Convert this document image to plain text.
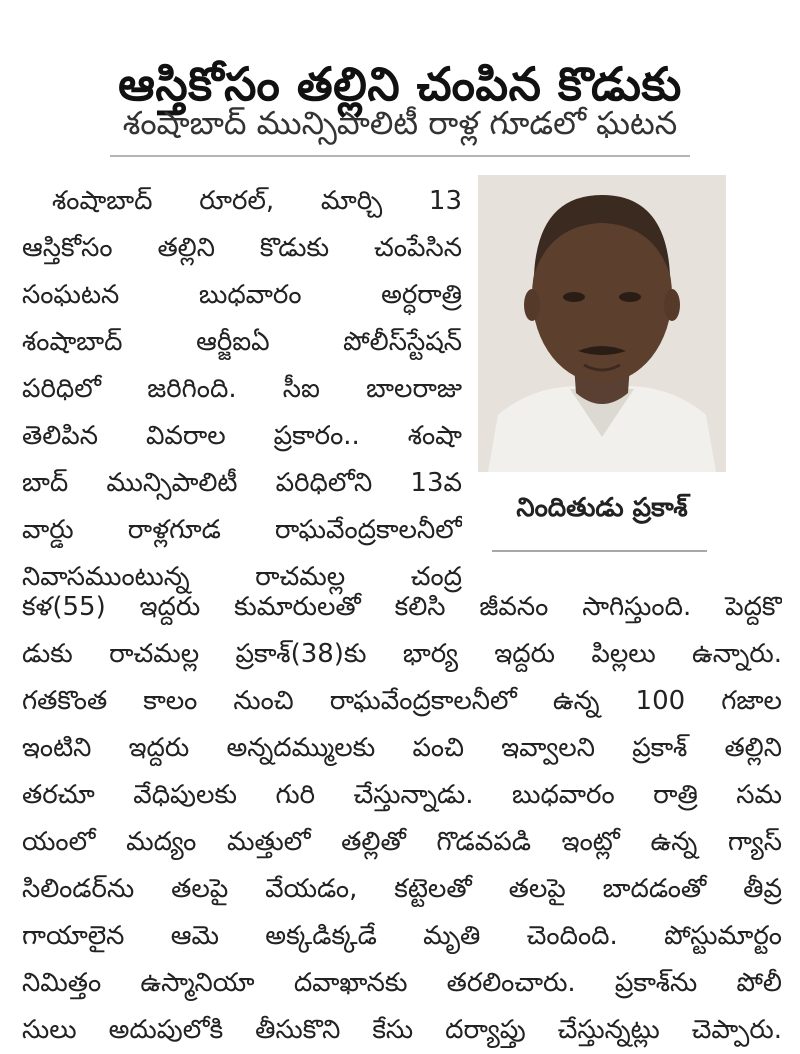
ఆస్తికోసం తల్లిని చంపిన కొడుకు
శంషాబాద్ మున్సిపాలిటీ రాళ్ల గూడలో ఘటన
నిందితుడు ప్రకాశ్
శంషాబాద్ రూరల్, మార్చి 13
ఆస్తికోసం తల్లిని కొడుకు చంపేసిన
సంఘటన బుధవారం అర్ధరాత్రి
శంషాబాద్ ఆర్జీఐఏ పోలీస్‌స్టేషన్
పరిధిలో జరిగింది. సీఐ బాలరాజు
తెలిపిన వివరాల ప్రకారం.. శంషా
బాద్ మున్సిపాలిటీ పరిధిలోని 13వ
వార్డు రాళ్లగూడ రాఘవేంద్రకాలనీలో
నివాసముంటున్న రాచమల్ల చంద్ర
కళ(55) ఇద్దరు కుమారులతో కలిసి జీవనం సాగిస్తుంది. పెద్దకొ
డుకు రాచమల్ల ప్రకాశ్(38)కు భార్య ఇద్దరు పిల్లలు ఉన్నారు.
గతకొంత కాలం నుంచి రాఘవేంద్రకాలనీలో ఉన్న 100 గజాల
ఇంటిని ఇద్దరు అన్నదమ్ములకు పంచి ఇవ్వాలని ప్రకాశ్ తల్లిని
తరచూ వేధిపులకు గురి చేస్తున్నాడు. బుధవారం రాత్రి సమ
యంలో మద్యం మత్తులో తల్లితో గొడవపడి ఇంట్లో ఉన్న గ్యాస్
సిలిండర్‌ను తలపై వేయడం, కట్టెలతో తలపై బాదడంతో తీవ్ర
గాయాలైన ఆమె అక్కడిక్కడే మృతి చెందింది. పోస్టుమార్టం
నిమిత్తం ఉస్మానియా దవాఖానకు తరలించారు. ప్రకాశ్‌ను పోలీ
సులు అదుపులోకి తీసుకొని కేసు దర్యాప్తు చేస్తున్నట్లు చెప్పారు.
